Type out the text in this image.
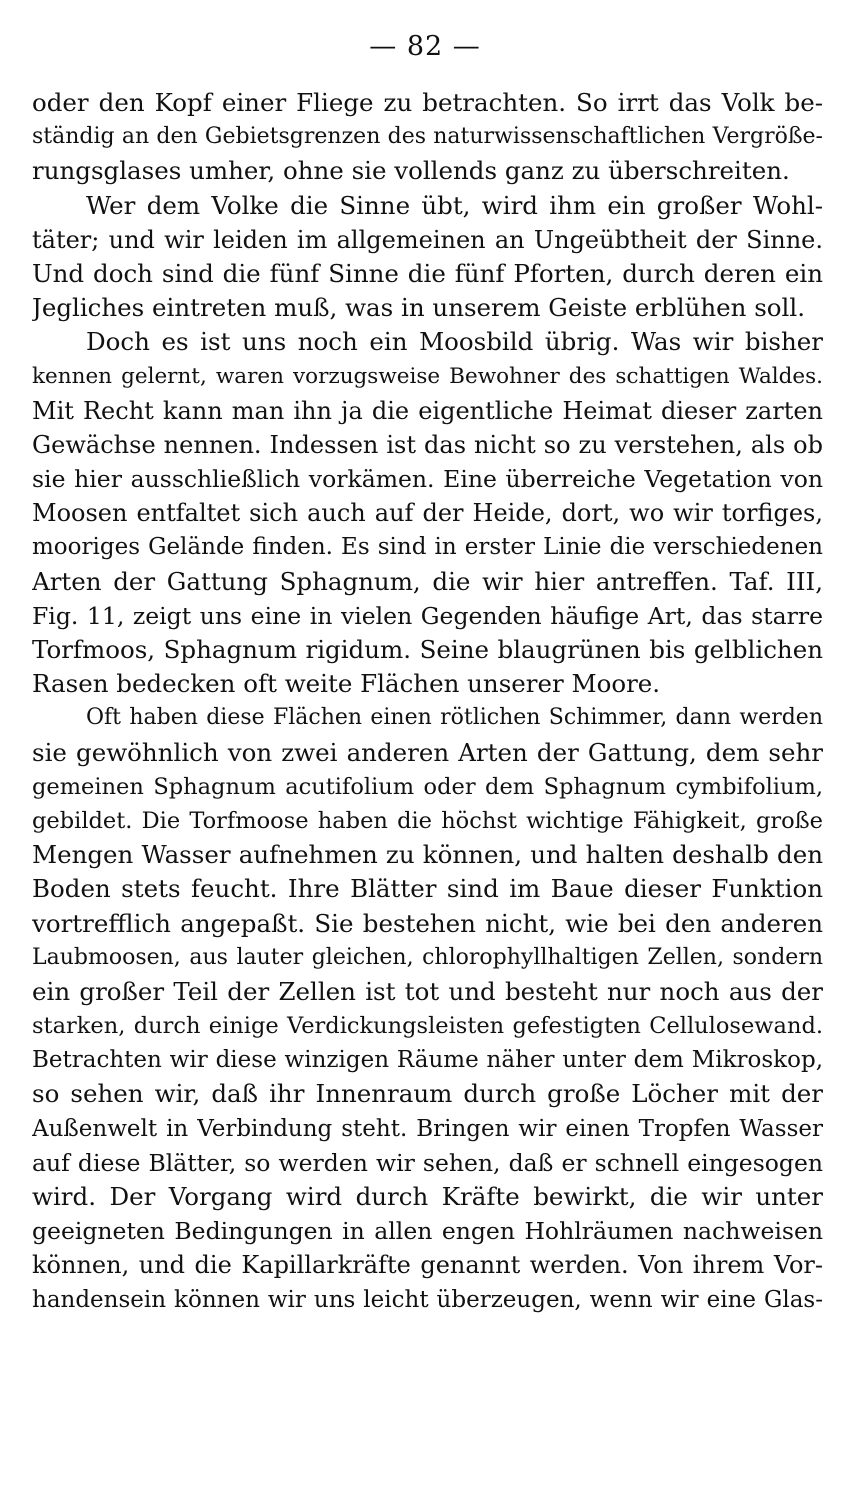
— 82 —
oder den Kopf einer Fliege zu betrachten. So irrt das Volk be-
ständig an den Gebietsgrenzen des naturwissenschaftlichen Vergröße-
rungsglases umher, ohne sie vollends ganz zu überschreiten.
Wer dem Volke die Sinne übt, wird ihm ein großer Wohl-
täter; und wir leiden im allgemeinen an Ungeübtheit der Sinne.
Und doch sind die fünf Sinne die fünf Pforten, durch deren ein
Jegliches eintreten muß, was in unserem Geiste erblühen soll.
Doch es ist uns noch ein Moosbild übrig. Was wir bisher
kennen gelernt, waren vorzugsweise Bewohner des schattigen Waldes.
Mit Recht kann man ihn ja die eigentliche Heimat dieser zarten
Gewächse nennen. Indessen ist das nicht so zu verstehen, als ob
sie hier ausschließlich vorkämen. Eine überreiche Vegetation von
Moosen entfaltet sich auch auf der Heide, dort, wo wir torfiges,
mooriges Gelände finden. Es sind in erster Linie die verschiedenen
Arten der Gattung Sphagnum, die wir hier antreffen. Taf. III,
Fig. 11, zeigt uns eine in vielen Gegenden häufige Art, das starre
Torfmoos, Sphagnum rigidum. Seine blaugrünen bis gelblichen
Rasen bedecken oft weite Flächen unserer Moore.
Oft haben diese Flächen einen rötlichen Schimmer, dann werden
sie gewöhnlich von zwei anderen Arten der Gattung, dem sehr
gemeinen Sphagnum acutifolium oder dem Sphagnum cymbifolium,
gebildet. Die Torfmoose haben die höchst wichtige Fähigkeit, große
Mengen Wasser aufnehmen zu können, und halten deshalb den
Boden stets feucht. Ihre Blätter sind im Baue dieser Funktion
vortrefflich angepaßt. Sie bestehen nicht, wie bei den anderen
Laubmoosen, aus lauter gleichen, chlorophyllhaltigen Zellen, sondern
ein großer Teil der Zellen ist tot und besteht nur noch aus der
starken, durch einige Verdickungsleisten gefestigten Cellulosewand.
Betrachten wir diese winzigen Räume näher unter dem Mikroskop,
so sehen wir, daß ihr Innenraum durch große Löcher mit der
Außenwelt in Verbindung steht. Bringen wir einen Tropfen Wasser
auf diese Blätter, so werden wir sehen, daß er schnell eingesogen
wird. Der Vorgang wird durch Kräfte bewirkt, die wir unter
geeigneten Bedingungen in allen engen Hohlräumen nachweisen
können, und die Kapillarkräfte genannt werden. Von ihrem Vor-
handensein können wir uns leicht überzeugen, wenn wir eine Glas-
